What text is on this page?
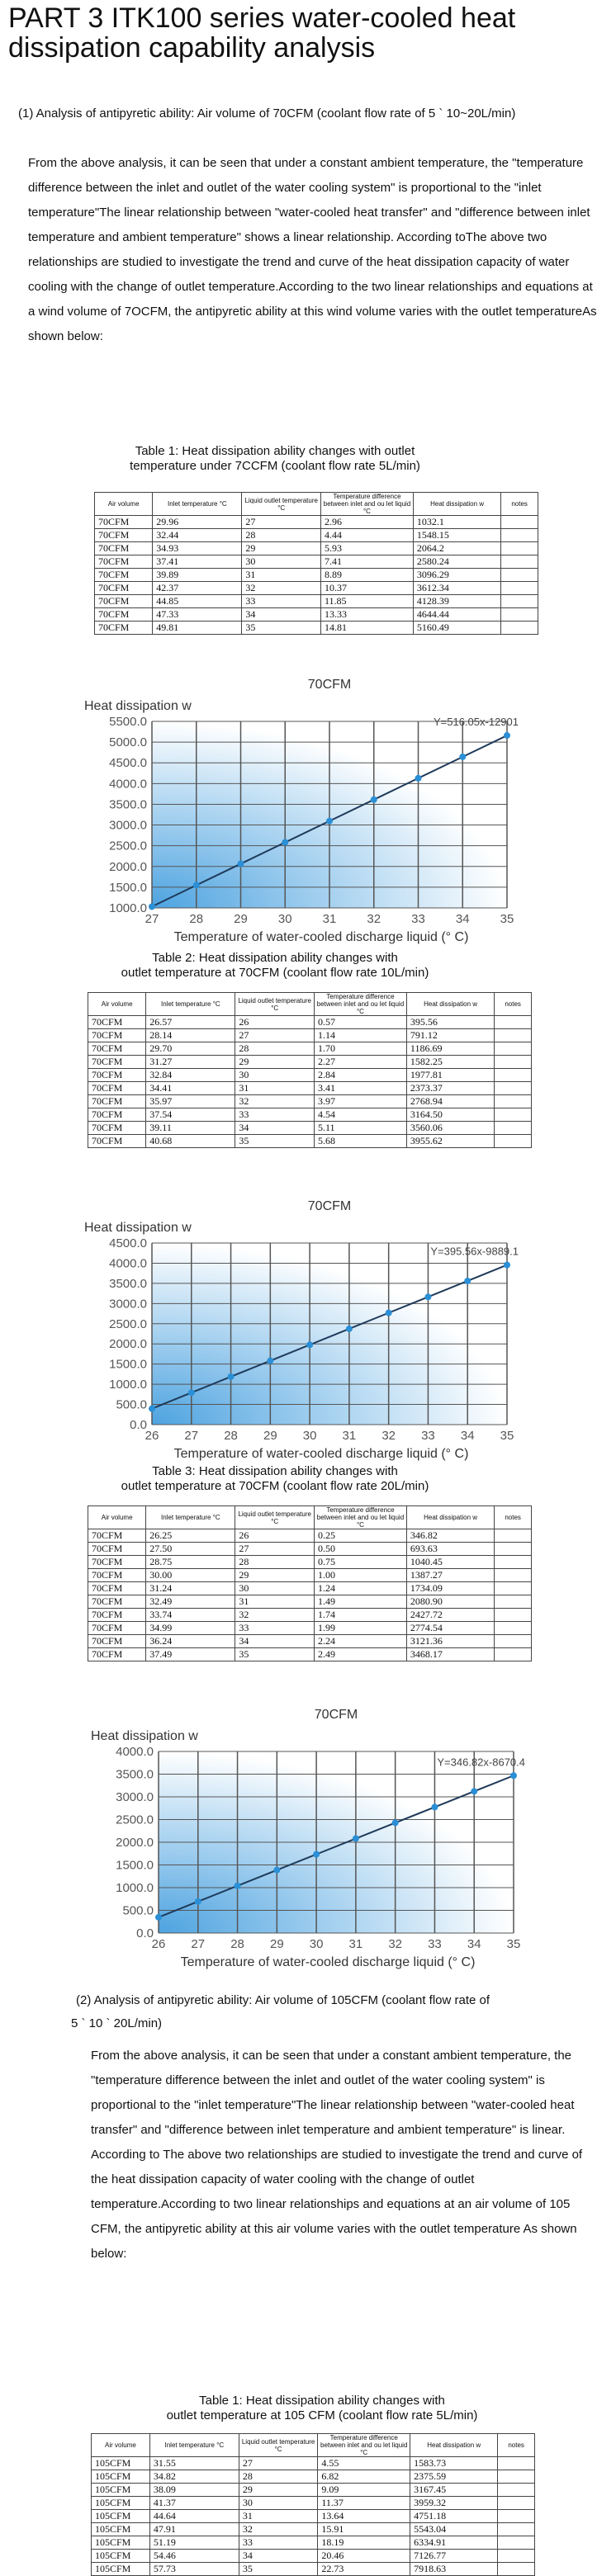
PART 3 ITK100 series water-cooled heat dissipation capability analysis
(1) Analysis of antipyretic ability: Air volume of 70CFM (coolant flow rate of 5 ` 10~20L/min)
From the above analysis, it can be seen that under a constant ambient temperature, the "temperature difference between the inlet and outlet of the water cooling system" is proportional to the "inlet temperature"The linear relationship between "water-cooled heat transfer" and "difference between inlet temperature and ambient temperature" shows a linear relationship. According toThe above two relationships are studied to investigate the trend and curve of the heat dissipation capacity of water cooling with the change of outlet temperature.According to the two linear relationships and equations at a wind volume of 7OCFM, the antipyretic ability at this wind volume varies with the outlet temperatureAs shown below:
Table 1: Heat dissipation ability changes with outlet
temperature under 7CCFM (coolant flow rate 5L/min)
Air volume	Inlet temperature °C	Liquid outlet temperature °C	Temperature difference between inlet and ou let liquid °C	Heat dissipation w	notes
70CFM	29.96	27	2.96	1032.1	
70CFM	32.44	28	4.44	1548.15	
70CFM	34.93	29	5.93	2064.2	
70CFM	37.41	30	7.41	2580.24	
70CFM	39.89	31	8.89	3096.29	
70CFM	42.37	32	10.37	3612.34	
70CFM	44.85	33	11.85	4128.39	
70CFM	47.33	34	13.33	4644.44	
70CFM	49.81	35	14.81	5160.49	
1000.0
1500.0
2000.0
2500.0
3000.0
3500.0
4000.0
4500.0
5000.0
5500.0
27 28 29 30 31 32 33 34 35
70CFM
Heat dissipation w
Temperature of water-cooled discharge liquid (° C)
Y=516.05x-12901
Table 2: Heat dissipation ability changes with
outlet temperature at 70CFM (coolant flow rate 10L/min)
Air volume	Inlet temperature °C	Liquid outlet temperature °C	Temperature difference between inlet and ou let liquid °C	Heat dissipation w	notes
70CFM	26.57	26	0.57	395.56	
70CFM	28.14	27	1.14	791.12	
70CFM	29.70	28	1.70	1186.69	
70CFM	31.27	29	2.27	1582.25	
70CFM	32.84	30	2.84	1977.81	
70CFM	34.41	31	3.41	2373.37	
70CFM	35.97	32	3.97	2768.94	
70CFM	37.54	33	4.54	3164.50	
70CFM	39.11	34	5.11	3560.06	
70CFM	40.68	35	5.68	3955.62	
0.0
500.0
1000.0
1500.0
2000.0
2500.0
3000.0
3500.0
4000.0
4500.0
26 27 28 29 30 31 32 33 34 35
70CFM
Heat dissipation w
Temperature of water-cooled discharge liquid (° C)
Y=395.56x-9889.1
Table 3: Heat dissipation ability changes with
outlet temperature at 70CFM (coolant flow rate 20L/min)
Air volume	Inlet temperature °C	Liquid outlet temperature °C	Temperature difference between inlet and ou let liquid °C	Heat dissipation w	notes
70CFM	26.25	26	0.25	346.82	
70CFM	27.50	27	0.50	693.63	
70CFM	28.75	28	0.75	1040.45	
70CFM	30.00	29	1.00	1387.27	
70CFM	31.24	30	1.24	1734.09	
70CFM	32.49	31	1.49	2080.90	
70CFM	33.74	32	1.74	2427.72	
70CFM	34.99	33	1.99	2774.54	
70CFM	36.24	34	2.24	3121.36	
70CFM	37.49	35	2.49	3468.17	
0.0
500.0
1000.0
1500.0
2000.0
2500.0
3000.0
3500.0
4000.0
26 27 28 29 30 31 32 33 34 35
70CFM
Heat dissipation w
Temperature of water-cooled discharge liquid (° C)
Y=346.82x-8670.4
(2) Analysis of antipyretic ability: Air volume of 105CFM (coolant flow rate of
5 ` 10 ` 20L/min)
From the above analysis, it can be seen that under a constant ambient temperature, the "temperature difference between the inlet and outlet of the water cooling system" is proportional to the "inlet temperature"The linear relationship between "water-cooled heat transfer" and "difference between inlet temperature and ambient temperature" is linear. According to The above two relationships are studied to investigate the trend and curve of the heat dissipation capacity of water cooling with the change of outlet temperature.According to two linear relationships and equations at an air volume of 105 CFM, the antipyretic ability at this air volume varies with the outlet temperature As shown below:
Table 1: Heat dissipation ability changes with
outlet temperature at 105 CFM (coolant flow rate 5L/min)
Air volume	Inlet temperature °C	Liquid outlet temperature °C	Temperature difference between inlet and ou let liquid °C	Heat dissipation w	notes
105CFM	31.55	27	4.55	1583.73	
105CFM	34.82	28	6.82	2375.59	
105CFM	38.09	29	9.09	3167.45	
105CFM	41.37	30	11.37	3959.32	
105CFM	44.64	31	13.64	4751.18	
105CFM	47.91	32	15.91	5543.04	
105CFM	51.19	33	18.19	6334.91	
105CFM	54.46	34	20.46	7126.77	
105CFM	57.73	35	22.73	7918.63	
